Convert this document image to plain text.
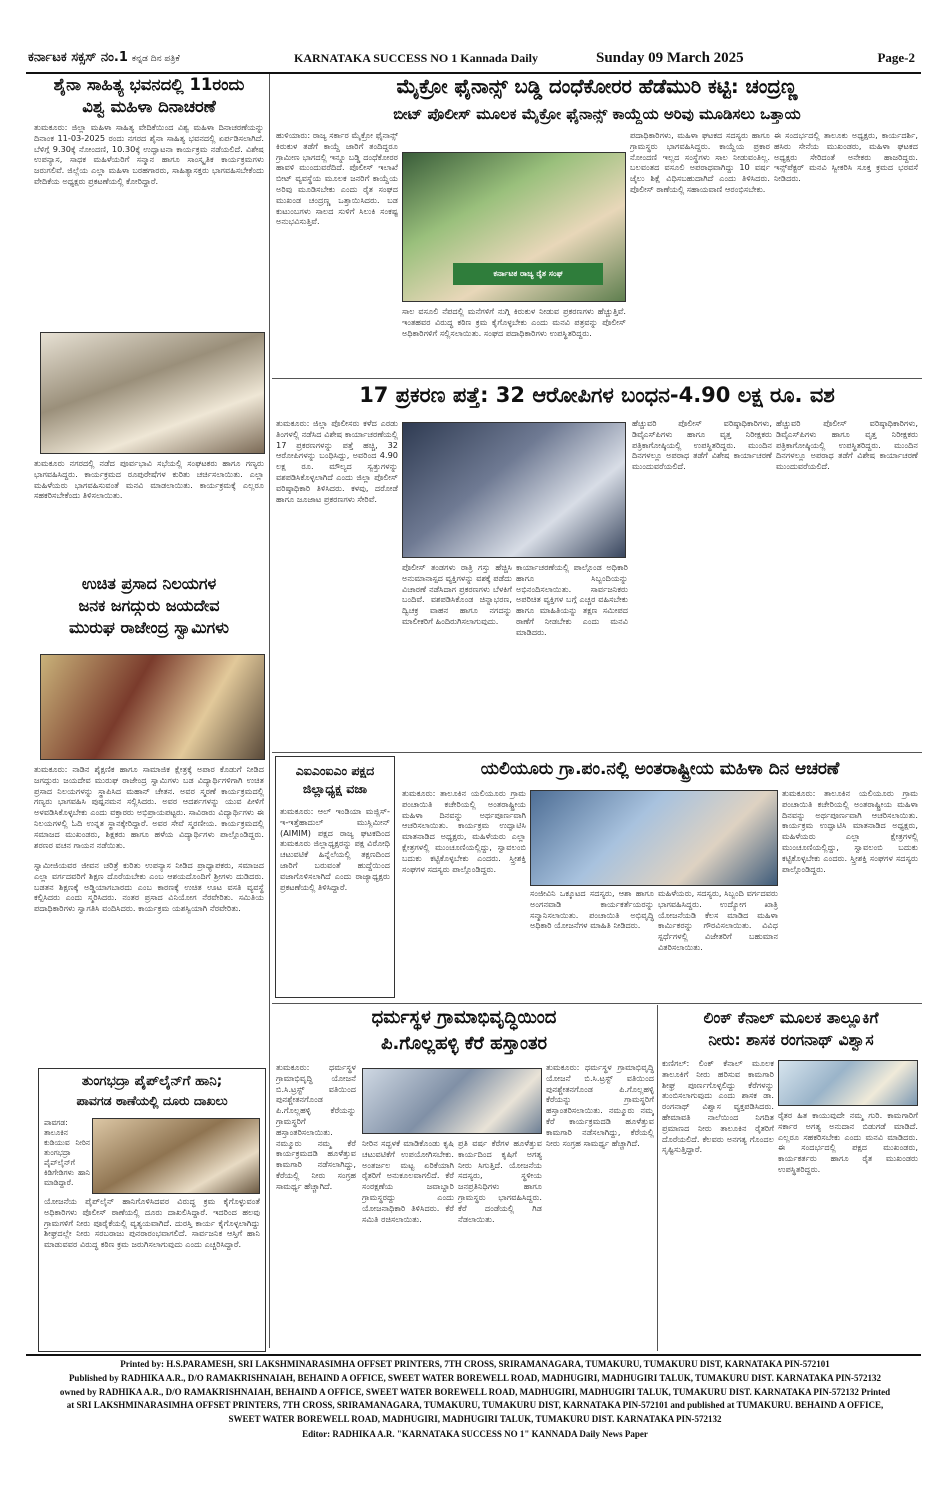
ಕರ್ನಾಟಕ ಸಕ್ಸಸ್ ನಂ.1 ಕನ್ನಡ ದಿನ ಪತ್ರಿಕೆ	KARNATAKA SUCCESS NO 1 Kannada Daily	Sunday 09 March 2025	Page-2
ಶೈನಾ ಸಾಹಿತ್ಯ ಭವನದಲ್ಲಿ 11ರಂದು
ವಿಶ್ವ ಮಹಿಳಾ ದಿನಾಚರಣೆ

ತುಮಕೂರು: ಜಿಲ್ಲಾ ಮಹಿಳಾ ಸಾಹಿತ್ಯ ವೇದಿಕೆಯಿಂದ ವಿಶ್ವ ಮಹಿಳಾ ದಿನಾಚರಣೆಯನ್ನು ದಿನಾಂಕ 11-03-2025 ರಂದು ನಗರದ ಶೈನಾ ಸಾಹಿತ್ಯ ಭವನದಲ್ಲಿ ಏರ್ಪಡಿಸಲಾಗಿದೆ. ಬೆಳಿಗ್ಗೆ 9.30ಕ್ಕೆ ನೋಂದಣಿ, 10.30ಕ್ಕೆ ಉದ್ಘಾಟನಾ ಕಾರ್ಯಕ್ರಮ ನಡೆಯಲಿದೆ. ವಿಶೇಷ ಉಪನ್ಯಾಸ, ಸಾಧಕ ಮಹಿಳೆಯರಿಗೆ ಸನ್ಮಾನ ಹಾಗೂ ಸಾಂಸ್ಕೃತಿಕ ಕಾರ್ಯಕ್ರಮಗಳು ಜರುಗಲಿವೆ. ಜಿಲ್ಲೆಯ ಎಲ್ಲಾ ಮಹಿಳಾ ಬರಹಗಾರರು, ಸಾಹಿತ್ಯಾಸಕ್ತರು ಭಾಗವಹಿಸಬೇಕೆಂದು ವೇದಿಕೆಯ ಅಧ್ಯಕ್ಷರು ಪ್ರಕಟಣೆಯಲ್ಲಿ ಕೋರಿದ್ದಾರೆ.

ತುಮಕೂರು ನಗರದಲ್ಲಿ ನಡೆದ ಪೂರ್ವಭಾವಿ ಸಭೆಯಲ್ಲಿ ಸಂಘಟಕರು ಹಾಗೂ ಗಣ್ಯರು ಭಾಗವಹಿಸಿದ್ದರು. ಕಾರ್ಯಕ್ರಮದ ರೂಪುರೇಷೆಗಳ ಕುರಿತು ಚರ್ಚಿಸಲಾಯಿತು. ಎಲ್ಲಾ ಮಹಿಳೆಯರು ಭಾಗವಹಿಸುವಂತೆ ಮನವಿ ಮಾಡಲಾಯಿತು. ಕಾರ್ಯಕ್ರಮಕ್ಕೆ ಎಲ್ಲರೂ ಸಹಕರಿಸಬೇಕೆಂದು ತಿಳಿಸಲಾಯಿತು.

ಉಚಿತ ಪ್ರಸಾದ ನಿಲಯಗಳ
ಜನಕ ಜಗದ್ಗುರು ಜಯದೇವ
ಮುರುಘ ರಾಜೇಂದ್ರ ಸ್ವಾಮಿಗಳು

ತುಮಕೂರು: ನಾಡಿನ ಶೈಕ್ಷಣಿಕ ಹಾಗೂ ಸಾಮಾಜಿಕ ಕ್ಷೇತ್ರಕ್ಕೆ ಅಪಾರ ಕೊಡುಗೆ ನೀಡಿದ ಜಗದ್ಗುರು ಜಯದೇವ ಮುರುಘ ರಾಜೇಂದ್ರ ಸ್ವಾಮಿಗಳು ಬಡ ವಿದ್ಯಾರ್ಥಿಗಳಿಗಾಗಿ ಉಚಿತ ಪ್ರಸಾದ ನಿಲಯಗಳನ್ನು ಸ್ಥಾಪಿಸಿದ ಮಹಾನ್ ಚೇತನ. ಅವರ ಸ್ಮರಣೆ ಕಾರ್ಯಕ್ರಮದಲ್ಲಿ ಗಣ್ಯರು ಭಾಗವಹಿಸಿ ಪುಷ್ಪನಮನ ಸಲ್ಲಿಸಿದರು. ಅವರ ಆದರ್ಶಗಳನ್ನು ಯುವ ಪೀಳಿಗೆ ಅಳವಡಿಸಿಕೊಳ್ಳಬೇಕು ಎಂದು ವಕ್ತಾರರು ಅಭಿಪ್ರಾಯಪಟ್ಟರು. ಸಾವಿರಾರು ವಿದ್ಯಾರ್ಥಿಗಳು ಈ ನಿಲಯಗಳಲ್ಲಿ ಓದಿ ಉನ್ನತ ಸ್ಥಾನಕ್ಕೇರಿದ್ದಾರೆ. ಅವರ ಸೇವೆ ಸ್ಮರಣೀಯ. ಕಾರ್ಯಕ್ರಮದಲ್ಲಿ ಸಮಾಜದ ಮುಖಂಡರು, ಶಿಕ್ಷಕರು ಹಾಗೂ ಹಳೆಯ ವಿದ್ಯಾರ್ಥಿಗಳು ಪಾಲ್ಗೊಂಡಿದ್ದರು. ಶರಣರ ವಚನ ಗಾಯನ ನಡೆಯಿತು.

ಸ್ವಾಮೀಜಿಯವರ ಜೀವನ ಚರಿತ್ರೆ ಕುರಿತು ಉಪನ್ಯಾಸ ನೀಡಿದ ಪ್ರಾಧ್ಯಾಪಕರು, ಸಮಾಜದ ಎಲ್ಲಾ ವರ್ಗದವರಿಗೆ ಶಿಕ್ಷಣ ದೊರೆಯಬೇಕು ಎಂಬ ಆಶಯದೊಂದಿಗೆ ಶ್ರೀಗಳು ದುಡಿದರು. ಬಡತನ ಶಿಕ್ಷಣಕ್ಕೆ ಅಡ್ಡಿಯಾಗಬಾರದು ಎಂಬ ಕಾರಣಕ್ಕೆ ಉಚಿತ ಊಟ ವಸತಿ ವ್ಯವಸ್ಥೆ ಕಲ್ಪಿಸಿದರು ಎಂದು ಸ್ಮರಿಸಿದರು. ನಂತರ ಪ್ರಸಾದ ವಿನಿಯೋಗ ನೆರವೇರಿತು. ಸಮಿತಿಯ ಪದಾಧಿಕಾರಿಗಳು ಸ್ವಾಗತಿಸಿ ವಂದಿಸಿದರು. ಕಾರ್ಯಕ್ರಮ ಯಶಸ್ವಿಯಾಗಿ ನೆರವೇರಿತು.

ತುಂಗಭದ್ರಾ ಪೈಪ್‌ಲೈನ್‌ಗೆ ಹಾನಿ;
ಪಾವಗಡ ಠಾಣೆಯಲ್ಲಿ ದೂರು ದಾಖಲು

ಪಾವಗಡ: ತಾಲೂಕಿನ ಕುಡಿಯುವ ನೀರಿನ ತುಂಗಭದ್ರಾ ಪೈಪ್‌ಲೈನ್‌ಗೆ ಕಿಡಿಗೇಡಿಗಳು ಹಾನಿ ಮಾಡಿದ್ದಾರೆ.

ಯೋಜನೆಯ ಪೈಪ್‌ಲೈನ್ ಹಾನಿಗೊಳಿಸಿದವರ ವಿರುದ್ಧ ಕ್ರಮ ಕೈಗೊಳ್ಳುವಂತೆ ಅಧಿಕಾರಿಗಳು ಪೊಲೀಸ್ ಠಾಣೆಯಲ್ಲಿ ದೂರು ದಾಖಲಿಸಿದ್ದಾರೆ. ಇದರಿಂದ ಹಲವು ಗ್ರಾಮಗಳಿಗೆ ನೀರು ಪೂರೈಕೆಯಲ್ಲಿ ವ್ಯತ್ಯಯವಾಗಿದೆ. ದುರಸ್ತಿ ಕಾರ್ಯ ಕೈಗೊಳ್ಳಲಾಗಿದ್ದು ಶೀಘ್ರದಲ್ಲೇ ನೀರು ಸರಬರಾಜು ಪುನರಾರಂಭವಾಗಲಿದೆ. ಸಾರ್ವಜನಿಕ ಆಸ್ತಿಗೆ ಹಾನಿ ಮಾಡುವವರ ವಿರುದ್ಧ ಕಠಿಣ ಕ್ರಮ ಜರುಗಿಸಲಾಗುವುದು ಎಂದು ಎಚ್ಚರಿಸಿದ್ದಾರೆ.

ಮೈಕ್ರೋ ಫೈನಾನ್ಸ್ ಬಡ್ಡಿ ದಂಧೆಕೋರರ ಹೆಡೆಮುರಿ ಕಟ್ಟಿ: ಚಂದ್ರಣ್ಣ
ಬೀಟ್ ಪೊಲೀಸ್ ಮೂಲಕ ಮೈಕ್ರೋ ಫೈನಾನ್ಸ್ ಕಾಯ್ದೆಯ ಅರಿವು ಮೂಡಿಸಲು ಒತ್ತಾಯ

ಹುಳಿಯಾರು: ರಾಜ್ಯ ಸರ್ಕಾರ ಮೈಕ್ರೋ ಫೈನಾನ್ಸ್ ಕಿರುಕುಳ ತಡೆಗೆ ಕಾಯ್ದೆ ಜಾರಿಗೆ ತಂದಿದ್ದರೂ ಗ್ರಾಮೀಣ ಭಾಗದಲ್ಲಿ ಇನ್ನೂ ಬಡ್ಡಿ ದಂಧೆಕೋರರ ಹಾವಳಿ ಮುಂದುವರೆದಿದೆ. ಪೊಲೀಸ್ ಇಲಾಖೆ ಬೀಟ್ ವ್ಯವಸ್ಥೆಯ ಮೂಲಕ ಜನರಿಗೆ ಕಾಯ್ದೆಯ ಅರಿವು ಮೂಡಿಸಬೇಕು ಎಂದು ರೈತ ಸಂಘದ ಮುಖಂಡ ಚಂದ್ರಣ್ಣ ಒತ್ತಾಯಿಸಿದರು. ಬಡ ಕುಟುಂಬಗಳು ಸಾಲದ ಸುಳಿಗೆ ಸಿಲುಕಿ ಸಂಕಷ್ಟ ಅನುಭವಿಸುತ್ತಿವೆ.

ಕರ್ನಾಟಕ ರಾಜ್ಯ ರೈತ ಸಂಘ

ಸಾಲ ವಸೂಲಿ ನೆಪದಲ್ಲಿ ಮನೆಗಳಿಗೆ ನುಗ್ಗಿ ಕಿರುಕುಳ ನೀಡುವ ಪ್ರಕರಣಗಳು ಹೆಚ್ಚುತ್ತಿವೆ. ಇಂತಹವರ ವಿರುದ್ಧ ಕಠಿಣ ಕ್ರಮ ಕೈಗೊಳ್ಳಬೇಕು ಎಂದು ಮನವಿ ಪತ್ರವನ್ನು ಪೊಲೀಸ್ ಅಧಿಕಾರಿಗಳಿಗೆ ಸಲ್ಲಿಸಲಾಯಿತು. ಸಂಘದ ಪದಾಧಿಕಾರಿಗಳು ಉಪಸ್ಥಿತರಿದ್ದರು.

ಪದಾಧಿಕಾರಿಗಳು, ಮಹಿಳಾ ಘಟಕದ ಸದಸ್ಯರು ಹಾಗೂ ಗ್ರಾಮಸ್ಥರು ಭಾಗವಹಿಸಿದ್ದರು. ಕಾಯ್ದೆಯ ಪ್ರಕಾರ ನೋಂದಣಿ ಇಲ್ಲದ ಸಂಸ್ಥೆಗಳು ಸಾಲ ನೀಡುವಂತಿಲ್ಲ. ಬಲವಂತದ ವಸೂಲಿ ಅಪರಾಧವಾಗಿದ್ದು 10 ವರ್ಷ ಜೈಲು ಶಿಕ್ಷೆ ವಿಧಿಸಬಹುದಾಗಿದೆ ಎಂದು ತಿಳಿಸಿದರು. ಪೊಲೀಸ್ ಠಾಣೆಯಲ್ಲಿ ಸಹಾಯವಾಣಿ ಆರಂಭಿಸಬೇಕು.

ಈ ಸಂದರ್ಭದಲ್ಲಿ ತಾಲೂಕು ಅಧ್ಯಕ್ಷರು, ಕಾರ್ಯದರ್ಶಿ, ಹಸಿರು ಸೇನೆಯ ಮುಖಂಡರು, ಮಹಿಳಾ ಘಟಕದ ಅಧ್ಯಕ್ಷರು ಸೇರಿದಂತೆ ಅನೇಕರು ಹಾಜರಿದ್ದರು. ಇನ್ಸ್‌ಪೆಕ್ಟರ್ ಮನವಿ ಸ್ವೀಕರಿಸಿ ಸೂಕ್ತ ಕ್ರಮದ ಭರವಸೆ ನೀಡಿದರು.

17 ಪ್ರಕರಣ ಪತ್ತೆ: 32 ಆರೋಪಿಗಳ ಬಂಧನ-4.90 ಲಕ್ಷ ರೂ. ವಶ

ತುಮಕೂರು: ಜಿಲ್ಲಾ ಪೊಲೀಸರು ಕಳೆದ ಎರಡು ತಿಂಗಳಲ್ಲಿ ನಡೆಸಿದ ವಿಶೇಷ ಕಾರ್ಯಾಚರಣೆಯಲ್ಲಿ 17 ಪ್ರಕರಣಗಳನ್ನು ಪತ್ತೆ ಹಚ್ಚಿ, 32 ಆರೋಪಿಗಳನ್ನು ಬಂಧಿಸಿದ್ದು, ಅವರಿಂದ 4.90 ಲಕ್ಷ ರೂ. ಮೌಲ್ಯದ ಸ್ವತ್ತುಗಳನ್ನು ವಶಪಡಿಸಿಕೊಳ್ಳಲಾಗಿದೆ ಎಂದು ಜಿಲ್ಲಾ ಪೊಲೀಸ್ ವರಿಷ್ಠಾಧಿಕಾರಿ ತಿಳಿಸಿದರು. ಕಳವು, ದರೋಡೆ ಹಾಗೂ ಜೂಜಾಟ ಪ್ರಕರಣಗಳು ಸೇರಿವೆ.

ಪೊಲೀಸ್ ತಂಡಗಳು ರಾತ್ರಿ ಗಸ್ತು ಹೆಚ್ಚಿಸಿ ಅನುಮಾನಾಸ್ಪದ ವ್ಯಕ್ತಿಗಳನ್ನು ವಶಕ್ಕೆ ಪಡೆದು ವಿಚಾರಣೆ ನಡೆಸಿದಾಗ ಪ್ರಕರಣಗಳು ಬೆಳಕಿಗೆ ಬಂದಿವೆ. ವಶಪಡಿಸಿಕೊಂಡ ಚಿನ್ನಾಭರಣ, ದ್ವಿಚಕ್ರ ವಾಹನ ಹಾಗೂ ನಗದನ್ನು ಮಾಲೀಕರಿಗೆ ಹಿಂದಿರುಗಿಸಲಾಗುವುದು.

ಕಾರ್ಯಾಚರಣೆಯಲ್ಲಿ ಪಾಲ್ಗೊಂಡ ಅಧಿಕಾರಿ ಹಾಗೂ ಸಿಬ್ಬಂದಿಯನ್ನು ಅಭಿನಂದಿಸಲಾಯಿತು. ಸಾರ್ವಜನಿಕರು ಅಪರಿಚಿತ ವ್ಯಕ್ತಿಗಳ ಬಗ್ಗೆ ಎಚ್ಚರ ವಹಿಸಬೇಕು ಹಾಗೂ ಮಾಹಿತಿಯನ್ನು ತಕ್ಷಣ ಸಮೀಪದ ಠಾಣೆಗೆ ನೀಡಬೇಕು ಎಂದು ಮನವಿ ಮಾಡಿದರು.

ಹೆಚ್ಚುವರಿ ಪೊಲೀಸ್ ವರಿಷ್ಠಾಧಿಕಾರಿಗಳು, ಡಿವೈಎಸ್‌ಪಿಗಳು ಹಾಗೂ ವೃತ್ತ ನಿರೀಕ್ಷಕರು ಪತ್ರಿಕಾಗೋಷ್ಠಿಯಲ್ಲಿ ಉಪಸ್ಥಿತರಿದ್ದರು. ಮುಂದಿನ ದಿನಗಳಲ್ಲೂ ಅಪರಾಧ ತಡೆಗೆ ವಿಶೇಷ ಕಾರ್ಯಾಚರಣೆ ಮುಂದುವರೆಯಲಿದೆ.

ಹೆಚ್ಚುವರಿ ಪೊಲೀಸ್ ವರಿಷ್ಠಾಧಿಕಾರಿಗಳು, ಡಿವೈಎಸ್‌ಪಿಗಳು ಹಾಗೂ ವೃತ್ತ ನಿರೀಕ್ಷಕರು ಪತ್ರಿಕಾಗೋಷ್ಠಿಯಲ್ಲಿ ಉಪಸ್ಥಿತರಿದ್ದರು. ಮುಂದಿನ ದಿನಗಳಲ್ಲೂ ಅಪರಾಧ ತಡೆಗೆ ವಿಶೇಷ ಕಾರ್ಯಾಚರಣೆ ಮುಂದುವರೆಯಲಿದೆ.

ಎಐಎಂಐಎಂ ಪಕ್ಷದ ಜಿಲ್ಲಾಧ್ಯಕ್ಷ ವಜಾ

ತುಮಕೂರು: ಆಲ್ ಇಂಡಿಯಾ ಮಜ್ಲಿಸ್-ಇ-ಇತ್ತೆಹಾದುಲ್ ಮುಸ್ಲಿಮೀನ್ (AIMIM) ಪಕ್ಷದ ರಾಜ್ಯ ಘಟಕದಿಂದ ತುಮಕೂರು ಜಿಲ್ಲಾಧ್ಯಕ್ಷರನ್ನು ಪಕ್ಷ ವಿರೋಧಿ ಚಟುವಟಿಕೆ ಹಿನ್ನೆಲೆಯಲ್ಲಿ ತಕ್ಷಣದಿಂದ ಜಾರಿಗೆ ಬರುವಂತೆ ಹುದ್ದೆಯಿಂದ ವಜಾಗೊಳಿಸಲಾಗಿದೆ ಎಂದು ರಾಜ್ಯಾಧ್ಯಕ್ಷರು ಪ್ರಕಟಣೆಯಲ್ಲಿ ತಿಳಿಸಿದ್ದಾರೆ.

ಯಲಿಯೂರು ಗ್ರಾ.ಪಂ.ನಲ್ಲಿ ಅಂತರಾಷ್ಟ್ರೀಯ ಮಹಿಳಾ ದಿನ ಆಚರಣೆ

ತುಮಕೂರು: ತಾಲೂಕಿನ ಯಲಿಯೂರು ಗ್ರಾಮ ಪಂಚಾಯಿತಿ ಕಚೇರಿಯಲ್ಲಿ ಅಂತರಾಷ್ಟ್ರೀಯ ಮಹಿಳಾ ದಿನವನ್ನು ಅರ್ಥಪೂರ್ಣವಾಗಿ ಆಚರಿಸಲಾಯಿತು. ಕಾರ್ಯಕ್ರಮ ಉದ್ಘಾಟಿಸಿ ಮಾತನಾಡಿದ ಅಧ್ಯಕ್ಷರು, ಮಹಿಳೆಯರು ಎಲ್ಲಾ ಕ್ಷೇತ್ರಗಳಲ್ಲಿ ಮುಂಚೂಣಿಯಲ್ಲಿದ್ದು, ಸ್ವಾವಲಂಬಿ ಬದುಕು ಕಟ್ಟಿಕೊಳ್ಳಬೇಕು ಎಂದರು. ಸ್ತ್ರೀಶಕ್ತಿ ಸಂಘಗಳ ಸದಸ್ಯರು ಪಾಲ್ಗೊಂಡಿದ್ದರು.

ಸಂಜೀವಿನಿ ಒಕ್ಕೂಟದ ಸದಸ್ಯರು, ಆಶಾ ಹಾಗೂ ಅಂಗನವಾಡಿ ಕಾರ್ಯಕರ್ತೆಯರನ್ನು ಸನ್ಮಾನಿಸಲಾಯಿತು. ಪಂಚಾಯಿತಿ ಅಭಿವೃದ್ಧಿ ಅಧಿಕಾರಿ ಯೋಜನೆಗಳ ಮಾಹಿತಿ ನೀಡಿದರು.

ಮಹಿಳೆಯರು, ಸದಸ್ಯರು, ಸಿಬ್ಬಂದಿ ವರ್ಗದವರು ಭಾಗವಹಿಸಿದ್ದರು. ಉದ್ಯೋಗ ಖಾತ್ರಿ ಯೋಜನೆಯಡಿ ಕೆಲಸ ಮಾಡಿದ ಮಹಿಳಾ ಕಾರ್ಮಿಕರನ್ನು ಗೌರವಿಸಲಾಯಿತು. ವಿವಿಧ ಸ್ಪರ್ಧೆಗಳಲ್ಲಿ ವಿಜೇತರಿಗೆ ಬಹುಮಾನ ವಿತರಿಸಲಾಯಿತು.

ತುಮಕೂರು: ತಾಲೂಕಿನ ಯಲಿಯೂರು ಗ್ರಾಮ ಪಂಚಾಯಿತಿ ಕಚೇರಿಯಲ್ಲಿ ಅಂತರಾಷ್ಟ್ರೀಯ ಮಹಿಳಾ ದಿನವನ್ನು ಅರ್ಥಪೂರ್ಣವಾಗಿ ಆಚರಿಸಲಾಯಿತು. ಕಾರ್ಯಕ್ರಮ ಉದ್ಘಾಟಿಸಿ ಮಾತನಾಡಿದ ಅಧ್ಯಕ್ಷರು, ಮಹಿಳೆಯರು ಎಲ್ಲಾ ಕ್ಷೇತ್ರಗಳಲ್ಲಿ ಮುಂಚೂಣಿಯಲ್ಲಿದ್ದು, ಸ್ವಾವಲಂಬಿ ಬದುಕು ಕಟ್ಟಿಕೊಳ್ಳಬೇಕು ಎಂದರು. ಸ್ತ್ರೀಶಕ್ತಿ ಸಂಘಗಳ ಸದಸ್ಯರು ಪಾಲ್ಗೊಂಡಿದ್ದರು.

ಧರ್ಮಸ್ಥಳ ಗ್ರಾಮಾಭಿವೃದ್ಧಿಯಿಂದ
ಪಿ.ಗೊಲ್ಲಹಳ್ಳಿ ಕೆರೆ ಹಸ್ತಾಂತರ

ತುಮಕೂರು: ಧರ್ಮಸ್ಥಳ ಗ್ರಾಮಾಭಿವೃದ್ಧಿ ಯೋಜನೆ ಬಿ.ಸಿ.ಟ್ರಸ್ಟ್ ವತಿಯಿಂದ ಪುನಶ್ಚೇತನಗೊಂಡ ಪಿ.ಗೊಲ್ಲಹಳ್ಳಿ ಕೆರೆಯನ್ನು ಗ್ರಾಮಸ್ಥರಿಗೆ ಹಸ್ತಾಂತರಿಸಲಾಯಿತು. ನಮ್ಮೂರು ನಮ್ಮ ಕೆರೆ ಕಾರ್ಯಕ್ರಮದಡಿ ಹೂಳೆತ್ತುವ ಕಾಮಗಾರಿ ನಡೆಸಲಾಗಿದ್ದು, ಕೆರೆಯಲ್ಲಿ ನೀರು ಸಂಗ್ರಹ ಸಾಮರ್ಥ್ಯ ಹೆಚ್ಚಾಗಿದೆ.

ನೀರಿನ ಸದ್ಬಳಕೆ ಮಾಡಿಕೊಂಡು ಕೃಷಿ ಚಟುವಟಿಕೆಗೆ ಉಪಯೋಗಿಸಬೇಕು. ಅಂತರ್ಜಲ ಮಟ್ಟ ಏರಿಕೆಯಾಗಿ ರೈತರಿಗೆ ಅನುಕೂಲವಾಗಲಿದೆ. ಕೆರೆ ಸಂರಕ್ಷಣೆಯ ಜವಾಬ್ದಾರಿ ಗ್ರಾಮಸ್ಥರದ್ದು ಎಂದು ಯೋಜನಾಧಿಕಾರಿ ತಿಳಿಸಿದರು. ಕೆರೆ ಸಮಿತಿ ರಚಿಸಲಾಯಿತು.

ಪ್ರತಿ ವರ್ಷ ಕೆರೆಗಳ ಹೂಳೆತ್ತುವ ಕಾರ್ಯದಿಂದ ಕೃಷಿಗೆ ಅಗತ್ಯ ನೀರು ಸಿಗುತ್ತಿದೆ. ಯೋಜನೆಯ ಸದಸ್ಯರು, ಸ್ಥಳೀಯ ಜನಪ್ರತಿನಿಧಿಗಳು ಹಾಗೂ ಗ್ರಾಮಸ್ಥರು ಭಾಗವಹಿಸಿದ್ದರು. ಕೆರೆ ದಂಡೆಯಲ್ಲಿ ಗಿಡ ನೆಡಲಾಯಿತು.

ತುಮಕೂರು: ಧರ್ಮಸ್ಥಳ ಗ್ರಾಮಾಭಿವೃದ್ಧಿ ಯೋಜನೆ ಬಿ.ಸಿ.ಟ್ರಸ್ಟ್ ವತಿಯಿಂದ ಪುನಶ್ಚೇತನಗೊಂಡ ಪಿ.ಗೊಲ್ಲಹಳ್ಳಿ ಕೆರೆಯನ್ನು ಗ್ರಾಮಸ್ಥರಿಗೆ ಹಸ್ತಾಂತರಿಸಲಾಯಿತು. ನಮ್ಮೂರು ನಮ್ಮ ಕೆರೆ ಕಾರ್ಯಕ್ರಮದಡಿ ಹೂಳೆತ್ತುವ ಕಾಮಗಾರಿ ನಡೆಸಲಾಗಿದ್ದು, ಕೆರೆಯಲ್ಲಿ ನೀರು ಸಂಗ್ರಹ ಸಾಮರ್ಥ್ಯ ಹೆಚ್ಚಾಗಿದೆ.

ಲಿಂಕ್ ಕೆನಾಲ್ ಮೂಲಕ ತಾಲ್ಲೂಕಿಗೆ
ನೀರು: ಶಾಸಕ ರಂಗನಾಥ್ ವಿಶ್ವಾಸ

ಕುಣಿಗಲ್: ಲಿಂಕ್ ಕೆನಾಲ್ ಮೂಲಕ ತಾಲೂಕಿಗೆ ನೀರು ಹರಿಸುವ ಕಾಮಗಾರಿ ಶೀಘ್ರ ಪೂರ್ಣಗೊಳ್ಳಲಿದ್ದು ಕೆರೆಗಳನ್ನು ತುಂಬಿಸಲಾಗುವುದು ಎಂದು ಶಾಸಕ ಡಾ. ರಂಗನಾಥ್ ವಿಶ್ವಾಸ ವ್ಯಕ್ತಪಡಿಸಿದರು. ಹೇಮಾವತಿ ನಾಲೆಯಿಂದ ನಿಗದಿತ ಪ್ರಮಾಣದ ನೀರು ತಾಲೂಕಿನ ರೈತರಿಗೆ ದೊರೆಯಲಿದೆ. ಕೆಲವರು ಅನಗತ್ಯ ಗೊಂದಲ ಸೃಷ್ಟಿಸುತ್ತಿದ್ದಾರೆ.

ರೈತರ ಹಿತ ಕಾಯುವುದೇ ನಮ್ಮ ಗುರಿ. ಕಾಮಗಾರಿಗೆ ಸರ್ಕಾರ ಅಗತ್ಯ ಅನುದಾನ ಬಿಡುಗಡೆ ಮಾಡಿದೆ. ಎಲ್ಲರೂ ಸಹಕರಿಸಬೇಕು ಎಂದು ಮನವಿ ಮಾಡಿದರು. ಈ ಸಂದರ್ಭದಲ್ಲಿ ಪಕ್ಷದ ಮುಖಂಡರು, ಕಾರ್ಯಕರ್ತರು ಹಾಗೂ ರೈತ ಮುಖಂಡರು ಉಪಸ್ಥಿತರಿದ್ದರು.

Printed by: H.S.PARAMESH, SRI LAKSHMINARASIMHA OFFSET PRINTERS, 7TH CROSS, SRIRAMANAGARA, TUMAKURU, TUMAKURU DIST, KARNATAKA PIN-572101
Published by RADHIKA A.R., D/O RAMAKRISHNAIAH, BEHAIND A OFFICE, SWEET WATER BOREWELL ROAD, MADHUGIRI, MADHUGIRI TALUK, TUMAKURU DIST. KARNATAKA PIN-572132 owned by RADHIKA A.R., D/O RAMAKRISHNAIAH, BEHAIND A OFFICE, SWEET WATER BOREWELL ROAD, MADHUGIRI, MADHUGIRI TALUK, TUMAKURU DIST. KARNATAKA PIN-572132 Printed at SRI LAKSHMINARASIMHA OFFSET PRINTERS, 7TH CROSS, SRIRAMANAGARA, TUMAKURU, TUMAKURU DIST, KARNATAKA PIN-572101 and published at TUMAKURU. BEHAIND A OFFICE, SWEET WATER BOREWELL ROAD, MADHUGIRI, MADHUGIRI TALUK, TUMAKURU DIST. KARNATAKA PIN-572132
Editor: RADHIKA A.R. "KARNATAKA SUCCESS NO 1" KANNADA Daily News Paper
